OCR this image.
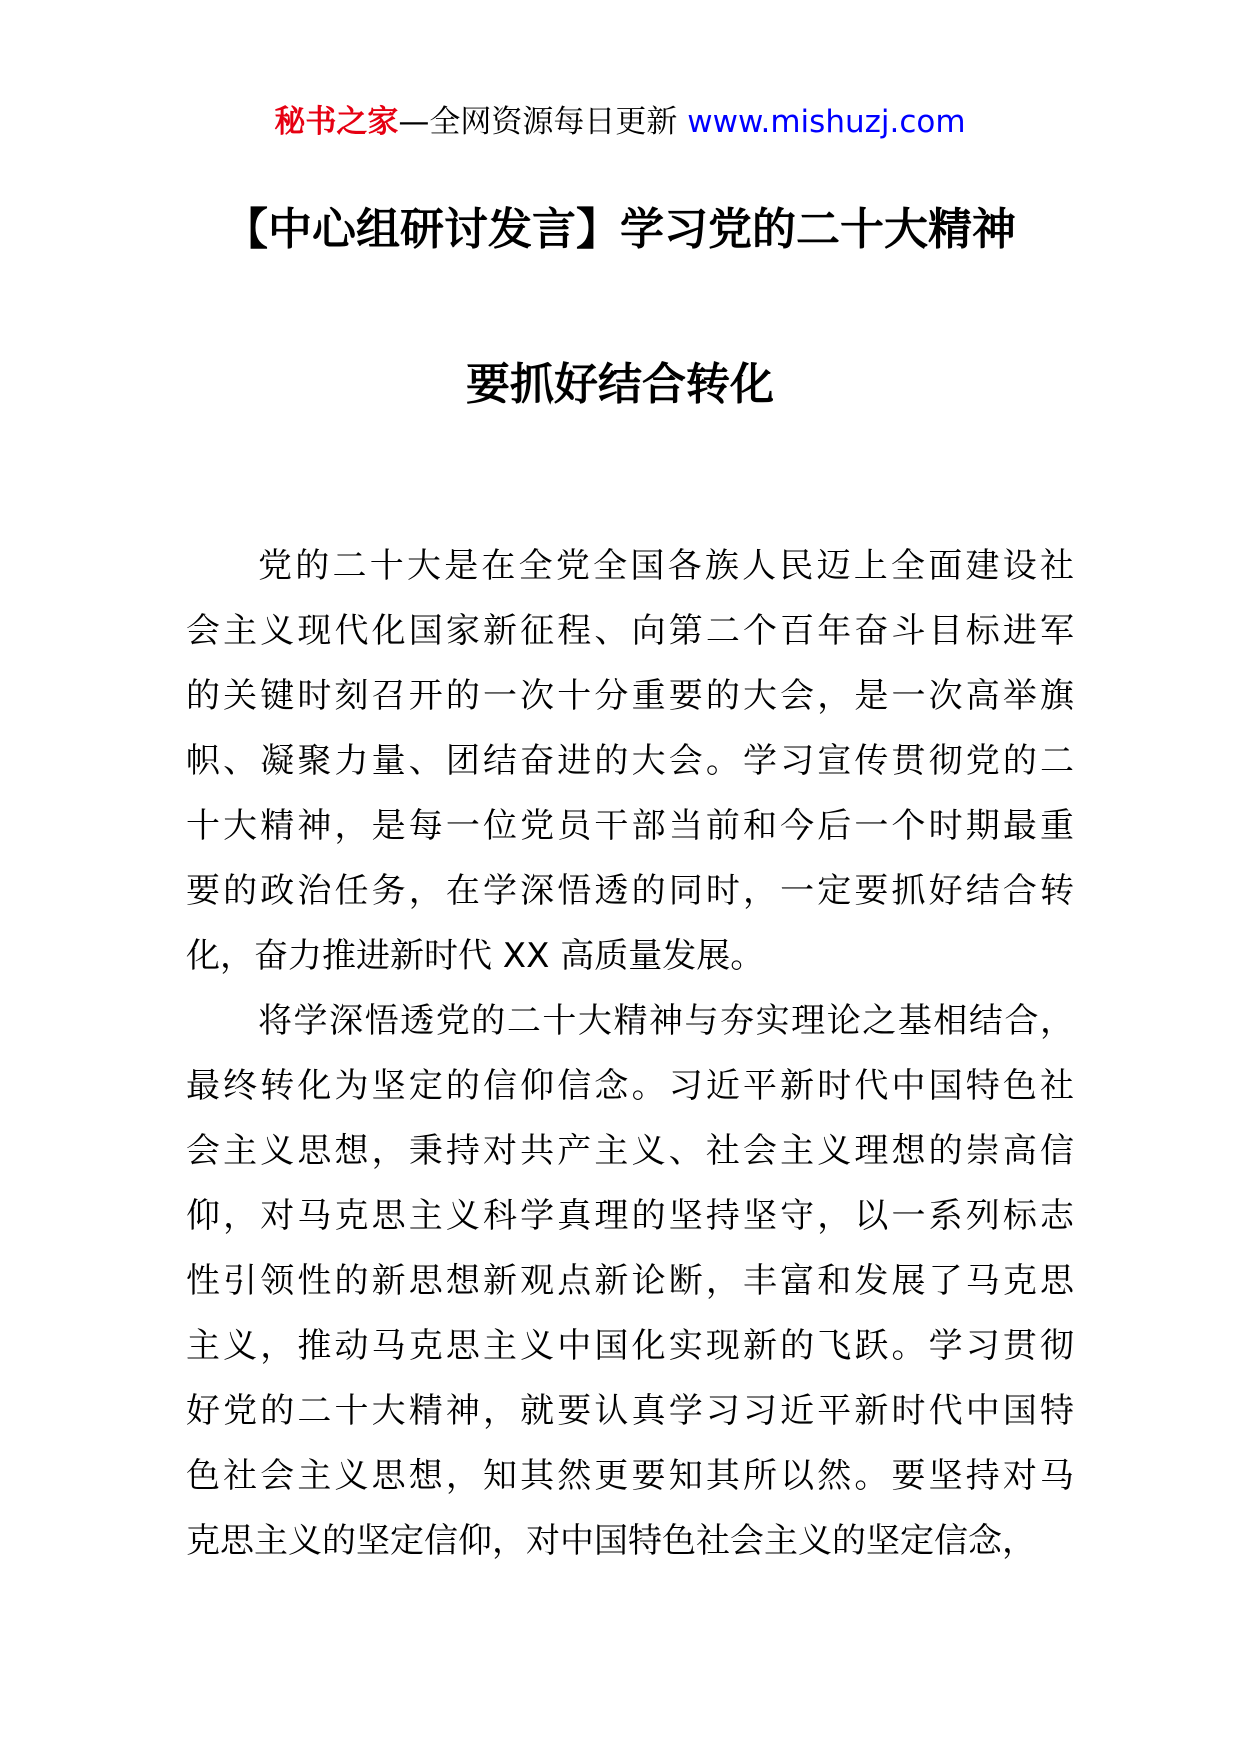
秘书之家—全网资源每日更新 www.mishuzj.com
【中心组研讨发言】学习党的二十大精神
要抓好结合转化
党的二十大是在全党全国各族人民迈上全面建设社
会主义现代化国家新征程、向第二个百年奋斗目标进军
的关键时刻召开的一次十分重要的大会，是一次高举旗
帜、凝聚力量、团结奋进的大会。学习宣传贯彻党的二
十大精神，是每一位党员干部当前和今后一个时期最重
要的政治任务，在学深悟透的同时，一定要抓好结合转
化，奋力推进新时代 XX 高质量发展。
将学深悟透党的二十大精神与夯实理论之基相结合，
最终转化为坚定的信仰信念。习近平新时代中国特色社
会主义思想，秉持对共产主义、社会主义理想的崇高信
仰，对马克思主义科学真理的坚持坚守，以一系列标志
性引领性的新思想新观点新论断，丰富和发展了马克思
主义，推动马克思主义中国化实现新的飞跃。学习贯彻
好党的二十大精神，就要认真学习习近平新时代中国特
色社会主义思想，知其然更要知其所以然。要坚持对马
克思主义的坚定信仰，对中国特色社会主义的坚定信念，
